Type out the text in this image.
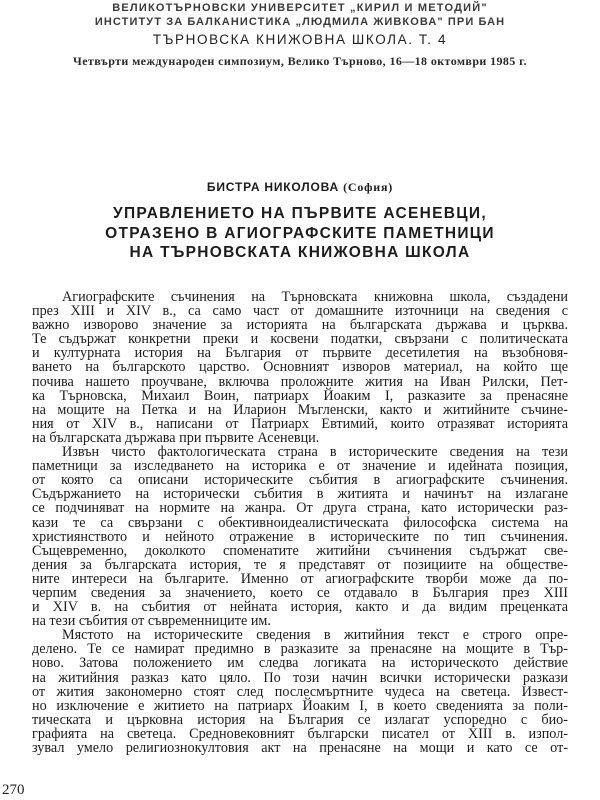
ВЕЛИКОТЪРНОВСКИ УНИВЕРСИТЕТ „КИРИЛ И МЕТОДИЙ"
ИНСТИТУТ ЗА БАЛКАНИСТИКА „ЛЮДМИЛА ЖИВКОВА" ПРИ БАН
ТЪРНОВСКА КНИЖОВНА ШКОЛА. Т. 4
Четвърти международен симпозиум, Велико Търново, 16—18 октомври 1985 г.
БИСТРА НИКОЛОВА (София)
УПРАВЛЕНИЕТО НА ПЪРВИТЕ АСЕНЕВЦИ,
ОТРАЗЕНО В АГИОГРАФСКИТЕ ПАМЕТНИЦИ
НА ТЪРНОВСКАТА КНИЖОВНА ШКОЛА
Агиографските съчинения на Търновската книжовна школа, създадени
през XIII и XIV в., са само част от домашните източници на сведения с
важно изворово значение за историята на българската държава и църква.
Те съдържат конкретни преки и косвени податки, свързани с политическата
и културната история на България от първите десетилетия на възобновя-
ването на българското царство. Основният изворов материал, на който ще
почива нашето проучване, включва проложните жития на Иван Рилски, Пет-
ка Търновска, Михаил Воин, патриарх Йоаким I, разказите за пренасяне
на мощите на Петка и на Иларион Мъгленски, както и житийните съчине-
ния от XIV в., написани от Патриарх Евтимий, които отразяват историята
на българската държава при първите Асеневци.
Извън чисто фактологическата страна в историческите сведения на тези
паметници за изследването на историка е от значение и идейната позиция,
от която са описани историческите събития в агиографските съчинения.
Съдържанието на исторически събития в житията и начинът на излагане
се подчиняват на нормите на жанра. От друга страна, като исторически раз-
кази те са свързани с обективноидеалистическата философска система на
християнството и нейното отражение в историческите по тип съчинения.
Същевременно, доколкото споменатите житийни съчинения съдържат све-
дения за българската история, те я представят от позициите на обществе-
ните интереси на българите. Именно от агиографските творби може да по-
черпим сведения за значението, което се отдавало в България през XIII
и XIV в. на събития от нейната история, както и да видим преценката
на тези събития от съвременниците им.
Мястото на историческите сведения в житийния текст е строго опре-
делено. Те се намират предимно в разказите за пренасяне на мощите в Тър-
ново. Затова положението им следва логиката на историческото действие
на житийния разказ като цяло. По този начин всички исторически разкази
от жития закономерно стоят след послесмъртните чудеса на светеца. Извест-
но изключение е житието на патриарх Йоаким I, в което сведенията за поли-
тическата и църковна история на България се излагат успоредно с био-
графията на светеца. Средновековният български писател от XIII в. изпол-
зувал умело религиознокултовия акт на пренасяне на мощи и като се от-
270
